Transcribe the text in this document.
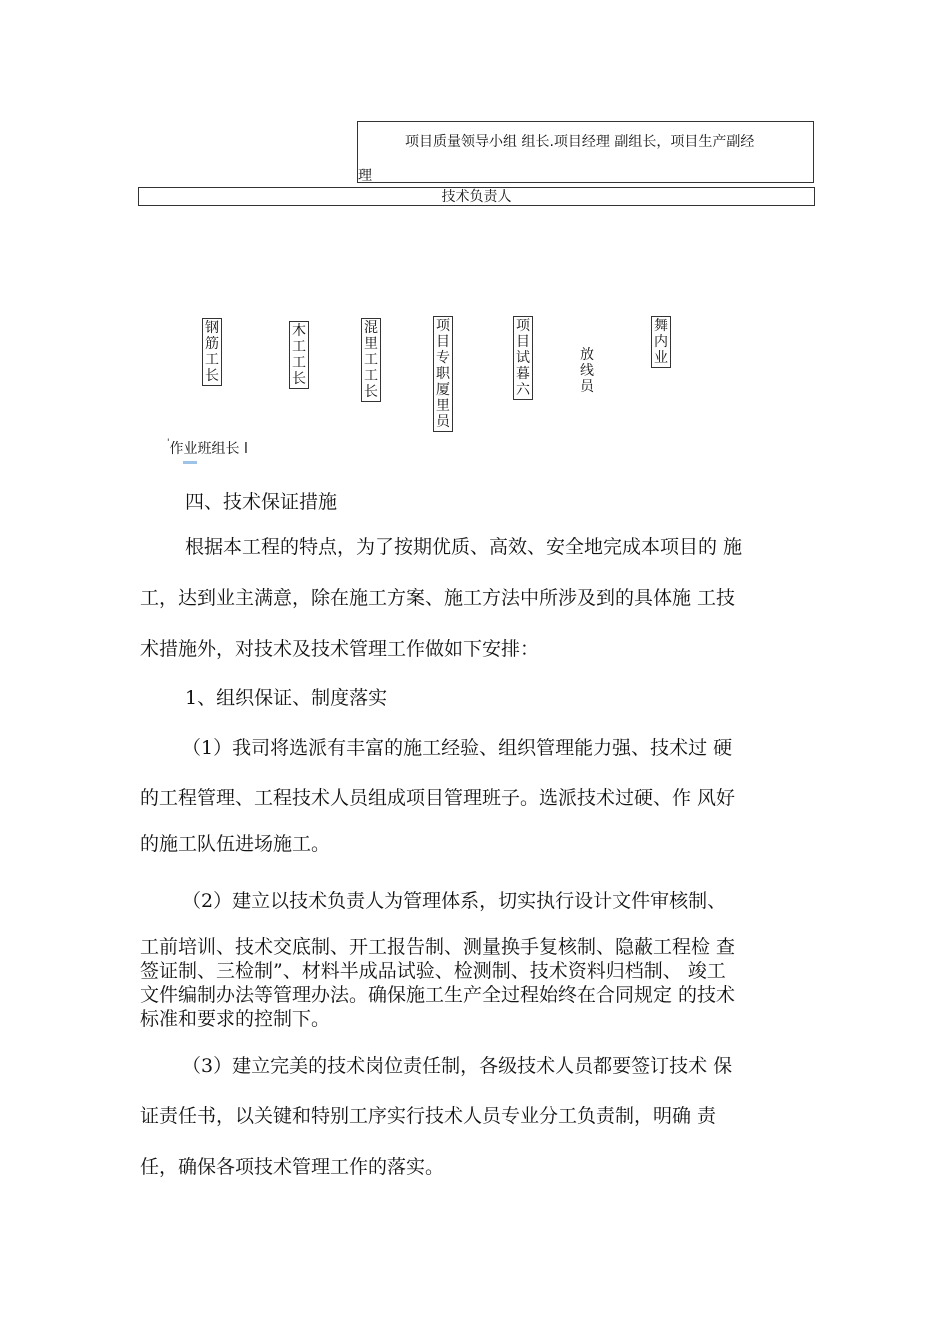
项目质量领导小组 组长.项目经理 副组长，项目生产副经
理
技术负责人
钢筋工长
木工工长
混里工工长
项目专职厦里员
项目试暮六
放线员
舞内业
'作业班组长 l
四、技术保证措施
根据本工程的特点，为了按期优质、高效、安全地完成本项目的 施
工，达到业主满意，除在施工方案、施工方法中所涉及到的具体施 工技
术措施外，对技术及技术管理工作做如下安排：
1、组织保证、制度落实
（1）我司将选派有丰富的施工经验、组织管理能力强、技术过 硬
的工程管理、工程技术人员组成项目管理班子。选派技术过硬、作 风好
的施工队伍进场施工。
（2）建立以技术负责人为管理体系，切实执行设计文件审核制、
工前培训、技术交底制、开工报告制、测量换手复核制、隐蔽工程检 查
签证制、三检制”、材料半成品试验、检测制、技术资料归档制、 竣工
文件编制办法等管理办法。确保施工生产全过程始终在合同规定 的技术
标准和要求的控制下。
（3）建立完美的技术岗位责任制，各级技术人员都要签订技术 保
证责任书，以关键和特别工序实行技术人员专业分工负责制，明确 责
任，确保各项技术管理工作的落实。
